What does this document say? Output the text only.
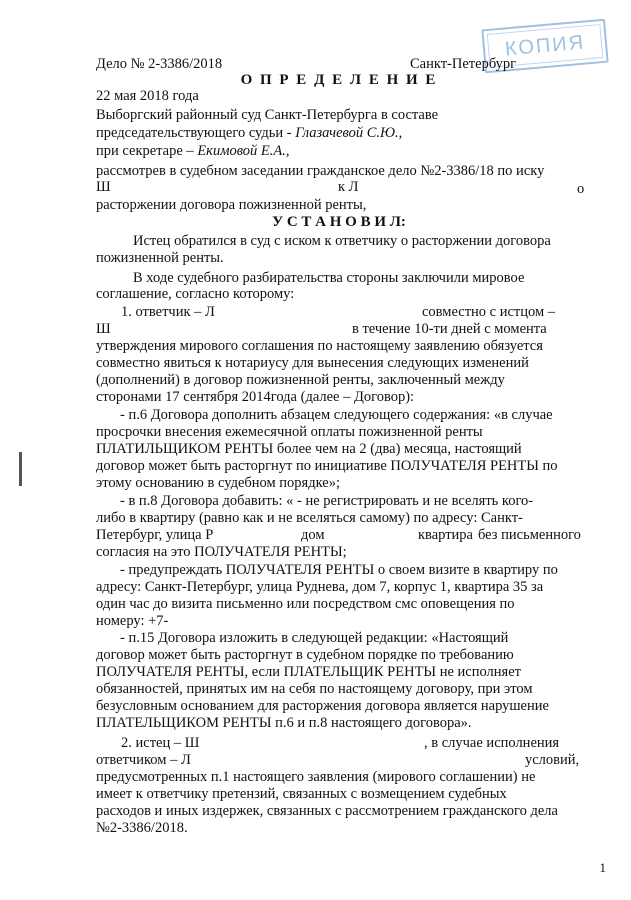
КОПИЯ
Дело № 2-3386/2018	Санкт-Петербург
О П Р Е Д Е Л Е Н И Е
22 мая 2018 года
Выборгский районный суд Санкт-Петербурга в составе
председательствующего судьи - Глазачевой С.Ю.,
при секретаре – Екимовой Е.А.,
рассмотрев в судебном заседании гражданское дело №2-3386/18 по иску
Ш	к Л	о
расторжении договора пожизненной ренты,
У С Т А Н О В И Л:
Истец обратился в суд с иском к ответчику о расторжении договора
пожизненной ренты.
В ходе судебного разбирательства стороны заключили мировое
соглашение, согласно которому:
1. ответчик – Л	совместно с истцом –
Ш	в течение 10-ти дней с момента
утверждения мирового соглашения по настоящему заявлению обязуется
совместно явиться к нотариусу для вынесения следующих изменений
(дополнений) в договор пожизненной ренты, заключенный между
сторонами 17 сентября 2014года (далее – Договор):
- п.6 Договора дополнить абзацем следующего содержания: «в случае
просрочки внесения ежемесячной оплаты пожизненной ренты
ПЛАТИЛЬЩИКОМ РЕНТЫ более чем на 2 (два) месяца, настоящий
договор может быть расторгнут по инициативе ПОЛУЧАТЕЛЯ РЕНТЫ по
этому основанию в судебном порядке»;
- в п.8 Договора добавить: « - не регистрировать и не вселять кого-
либо в квартиру (равно как и не вселяться самому) по адресу: Санкт-
Петербург, улица Р	дом	квартира без письменного
согласия на это ПОЛУЧАТЕЛЯ РЕНТЫ;
- предупреждать ПОЛУЧАТЕЛЯ РЕНТЫ о своем визите в квартиру по
адресу: Санкт-Петербург, улица Руднева, дом 7, корпус 1, квартира 35 за
один час до визита письменно или посредством смс оповещения по
номеру: +7-
- п.15 Договора изложить в следующей редакции: «Настоящий
договор может быть расторгнут в судебном порядке по требованию
ПОЛУЧАТЕЛЯ РЕНТЫ, если ПЛАТЕЛЬЩИК РЕНТЫ не исполняет
обязанностей, принятых им на себя по настоящему договору, при этом
безусловным основанием для расторжения договора является нарушение
ПЛАТЕЛЬЩИКОМ РЕНТЫ п.6 и п.8 настоящего договора».
2. истец – Ш	, в случае исполнения
ответчиком – Л	условий,
предусмотренных п.1 настоящего заявления (мирового соглашении) не
имеет к ответчику претензий, связанных с возмещением судебных
расходов и иных издержек, связанных с рассмотрением гражданского дела
№2-3386/2018.
1
